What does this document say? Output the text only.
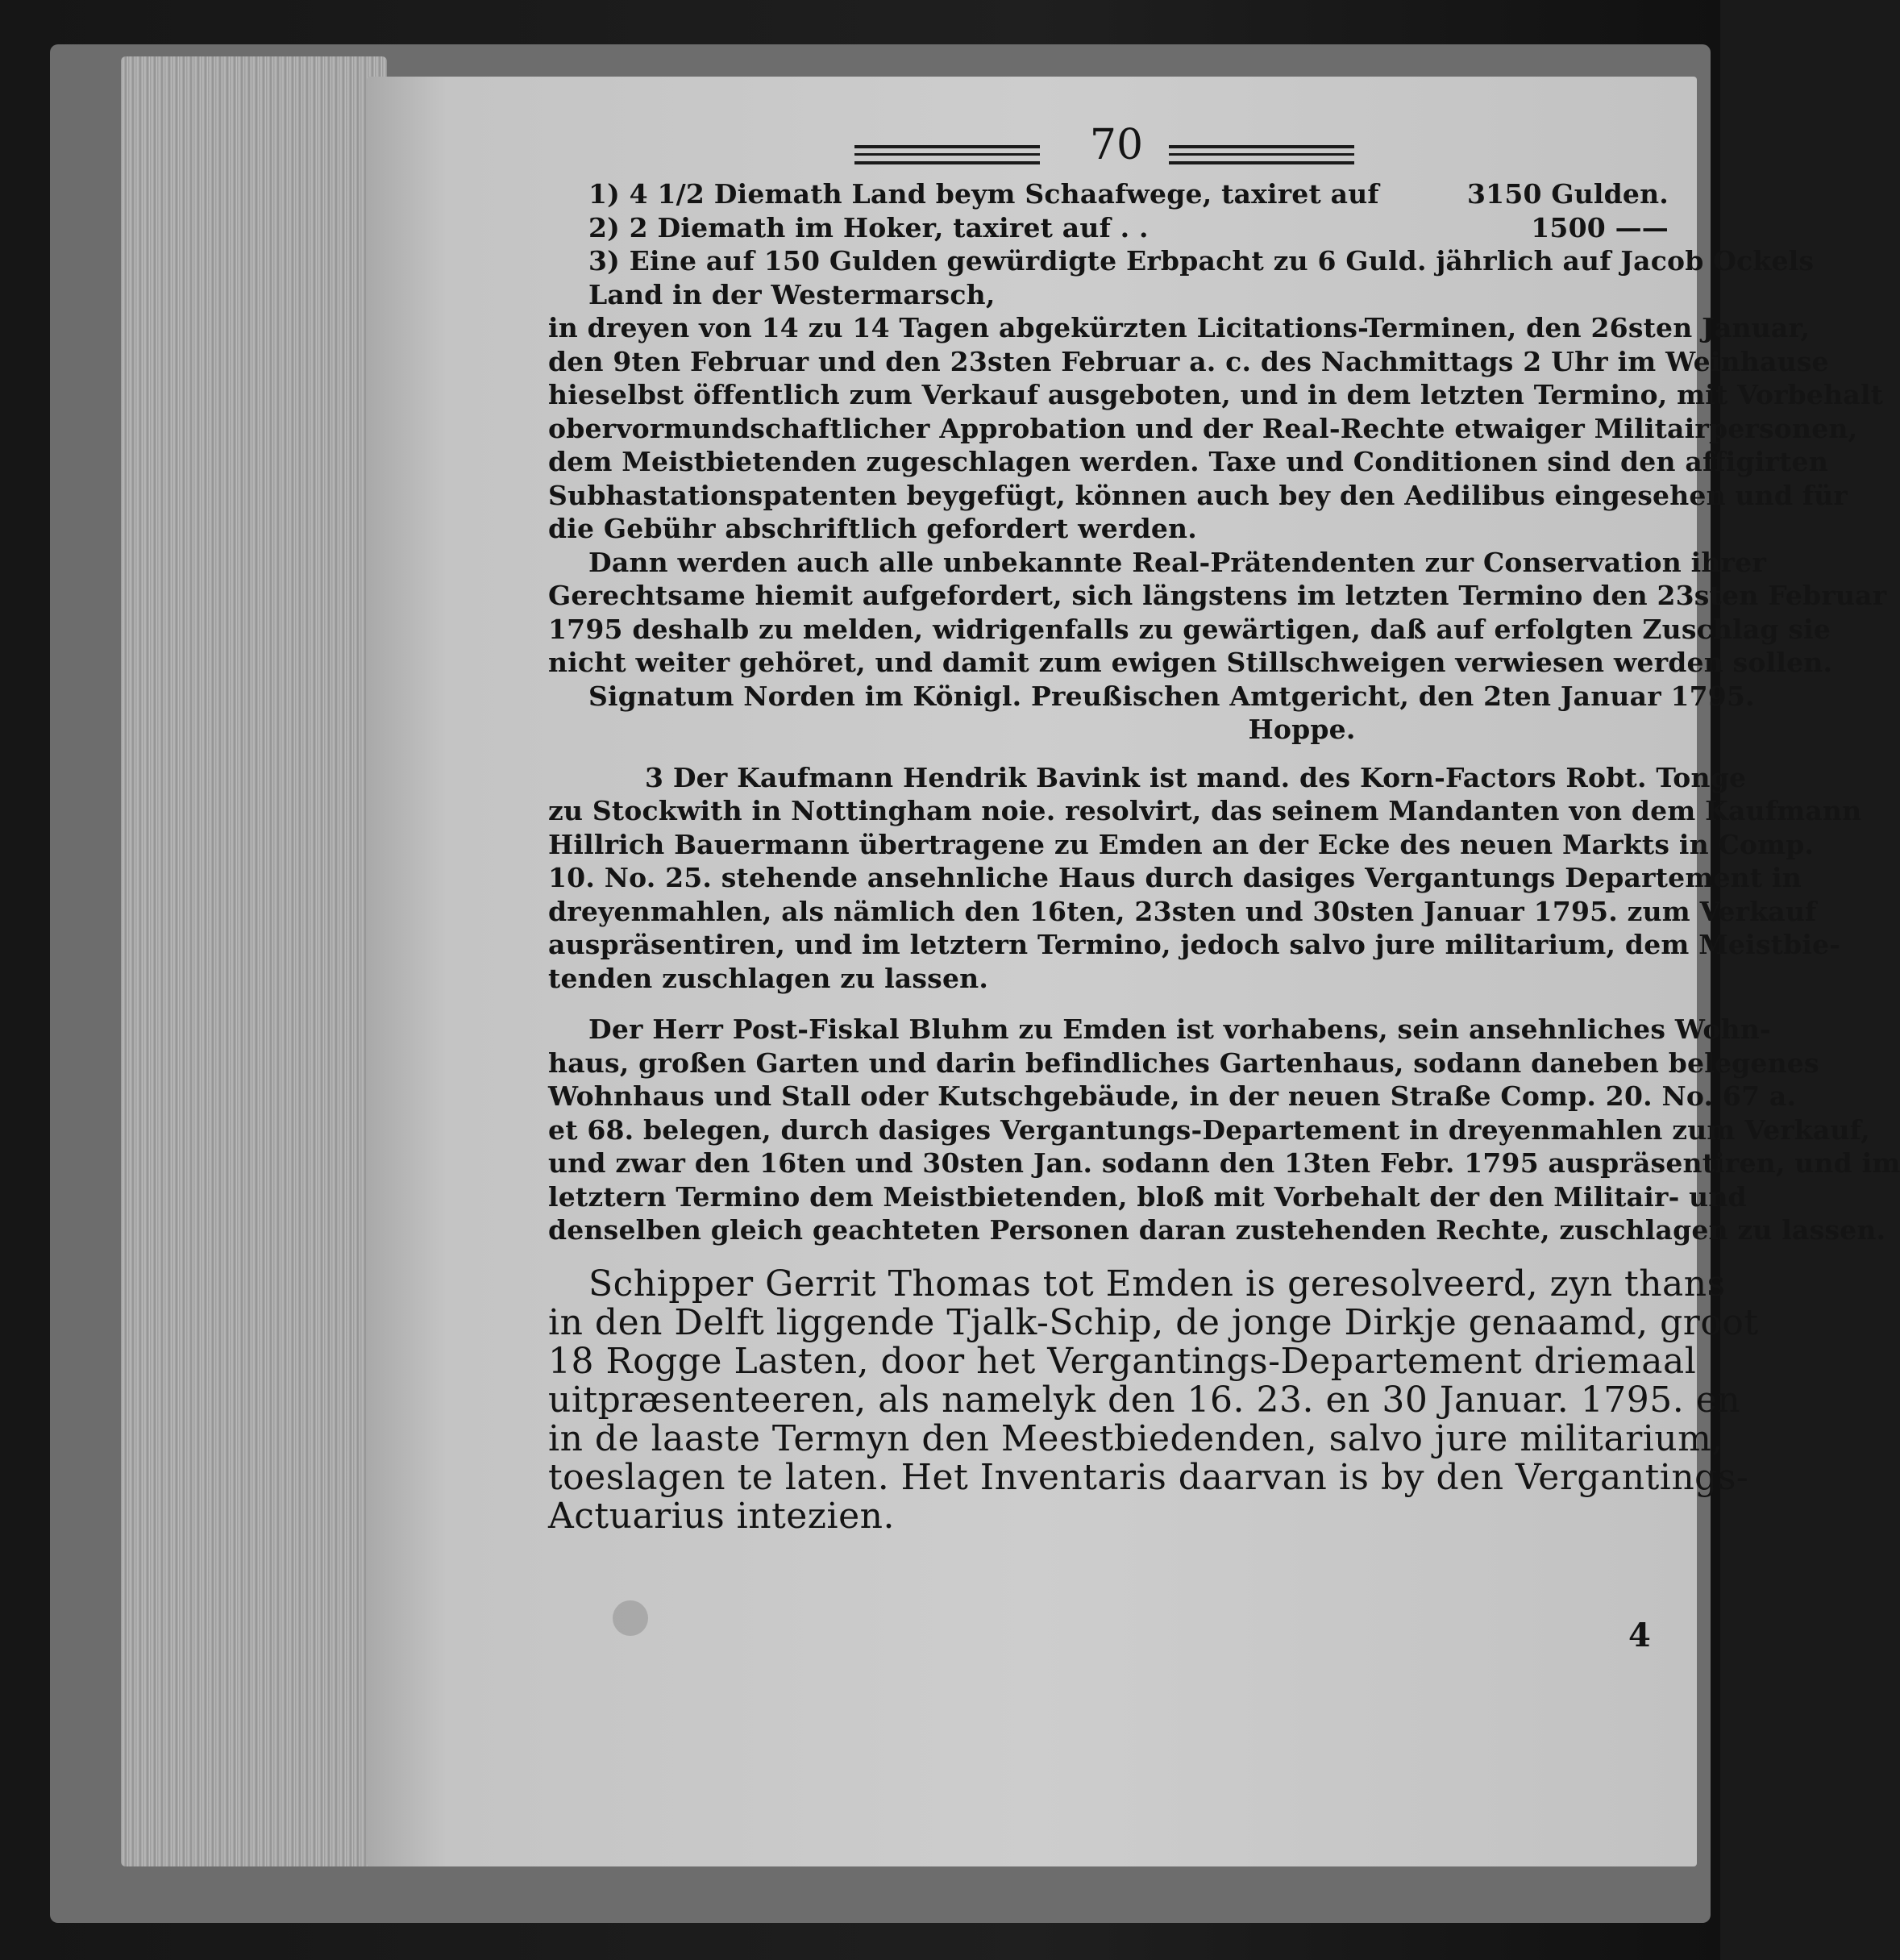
70
1) 4 1/2 Diemath Land beym Schaafwege, taxiret auf	3150 Gulden.
2) 2 Diemath im Hoker, taxiret auf . .	1500 ——
3) Eine auf 150 Gulden gewürdigte Erbpacht zu 6 Guld. jährlich auf Jacob Ockels
Land in der Westermarsch,
in dreyen von 14 zu 14 Tagen abgekürzten Licitations-Terminen, den 26sten Januar,
den 9ten Februar und den 23sten Februar a. c. des Nachmittags 2 Uhr im Weinhause
hieselbst öffentlich zum Verkauf ausgeboten, und in dem letzten Termino, mit Vorbehalt
obervormundschaftlicher Approbation und der Real-Rechte etwaiger Militairpersonen,
dem Meistbietenden zugeschlagen werden. Taxe und Conditionen sind den affigirten
Subhastationspatenten beygefügt, können auch bey den Aedilibus eingesehen und für
die Gebühr abschriftlich gefordert werden.
Dann werden auch alle unbekannte Real-Prätendenten zur Conservation ihrer
Gerechtsame hiemit aufgefordert, sich längstens im letzten Termino den 23sten Februar
1795 deshalb zu melden, widrigenfalls zu gewärtigen, daß auf erfolgten Zuschlag sie
nicht weiter gehöret, und damit zum ewigen Stillschweigen verwiesen werden sollen.
Signatum Norden im Königl. Preußischen Amtgericht, den 2ten Januar 1795.
Hoppe.
3 Der Kaufmann Hendrik Bavink ist mand. des Korn-Factors Robt. Tonge
zu Stockwith in Nottingham noie. resolvirt, das seinem Mandanten von dem Kaufmann
Hillrich Bauermann übertragene zu Emden an der Ecke des neuen Markts in Comp.
10. No. 25. stehende ansehnliche Haus durch dasiges Vergantungs Departement in
dreyenmahlen, als nämlich den 16ten, 23sten und 30sten Januar 1795. zum Verkauf
auspräsentiren, und im letztern Termino, jedoch salvo jure militarium, dem Meistbie-
tenden zuschlagen zu lassen.
Der Herr Post-Fiskal Bluhm zu Emden ist vorhabens, sein ansehnliches Wohn-
haus, großen Garten und darin befindliches Gartenhaus, sodann daneben belegenes
Wohnhaus und Stall oder Kutschgebäude, in der neuen Straße Comp. 20. No. 67 a.
et 68. belegen, durch dasiges Vergantungs-Departement in dreyenmahlen zum Verkauf,
und zwar den 16ten und 30sten Jan. sodann den 13ten Febr. 1795 auspräsentiren, und im
letztern Termino dem Meistbietenden, bloß mit Vorbehalt der den Militair- und
denselben gleich geachteten Personen daran zustehenden Rechte, zuschlagen zu lassen.
Schipper Gerrit Thomas tot Emden is geresolveerd, zyn thans
in den Delft liggende Tjalk-Schip, de jonge Dirkje genaamd, groot
18 Rogge Lasten, door het Vergantings-Departement driemaal
uitpræsenteeren, als namelyk den 16. 23. en 30 Januar. 1795. en
in de laaste Termyn den Meestbiedenden, salvo jure militarium,
toeslagen te laten. Het Inventaris daarvan is by den Vergantings-
Actuarius intezien.
4
